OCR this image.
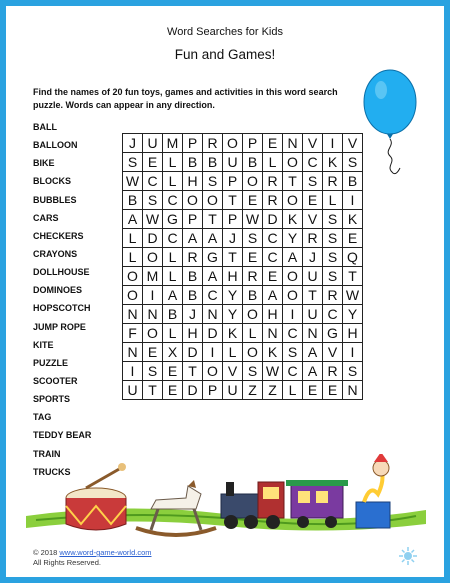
Word Searches for Kids
Fun and Games!
Find the names of 20 fun toys, games and activities in this word search puzzle. Words can appear in any direction.
BALL
BALLOON
BIKE
BLOCKS
BUBBLES
CARS
CHECKERS
CRAYONS
DOLLHOUSE
DOMINOES
HOPSCOTCH
JUMP ROPE
KITE
PUZZLE
SCOOTER
SPORTS
TAG
TEDDY BEAR
TRAIN
TRUCKS
J	U	M	P	R	O	P	E	N	V	I	V
S	E	L	B	B	U	B	L	O	C	K	S
W	C	L	H	S	P	O	R	T	S	R	B
B	S	C	O	O	T	E	R	O	E	L	I
A	W	G	P	T	P	W	D	K	V	S	K
L	D	C	A	A	J	S	C	Y	R	S	E
L	O	L	R	G	T	E	C	A	J	S	Q
O	M	L	B	A	H	R	E	O	U	S	T
O	I	A	B	C	Y	B	A	O	T	R	W
N	N	B	J	N	Y	O	H	I	U	C	Y
F	O	L	H	D	K	L	N	C	N	G	H
N	E	X	D	I	L	O	K	S	A	V	I
I	S	E	T	O	V	S	W	C	A	R	S
U	T	E	D	P	U	Z	Z	L	E	E	N
© 2018 www.word-game-world.com
All Rights Reserved.
